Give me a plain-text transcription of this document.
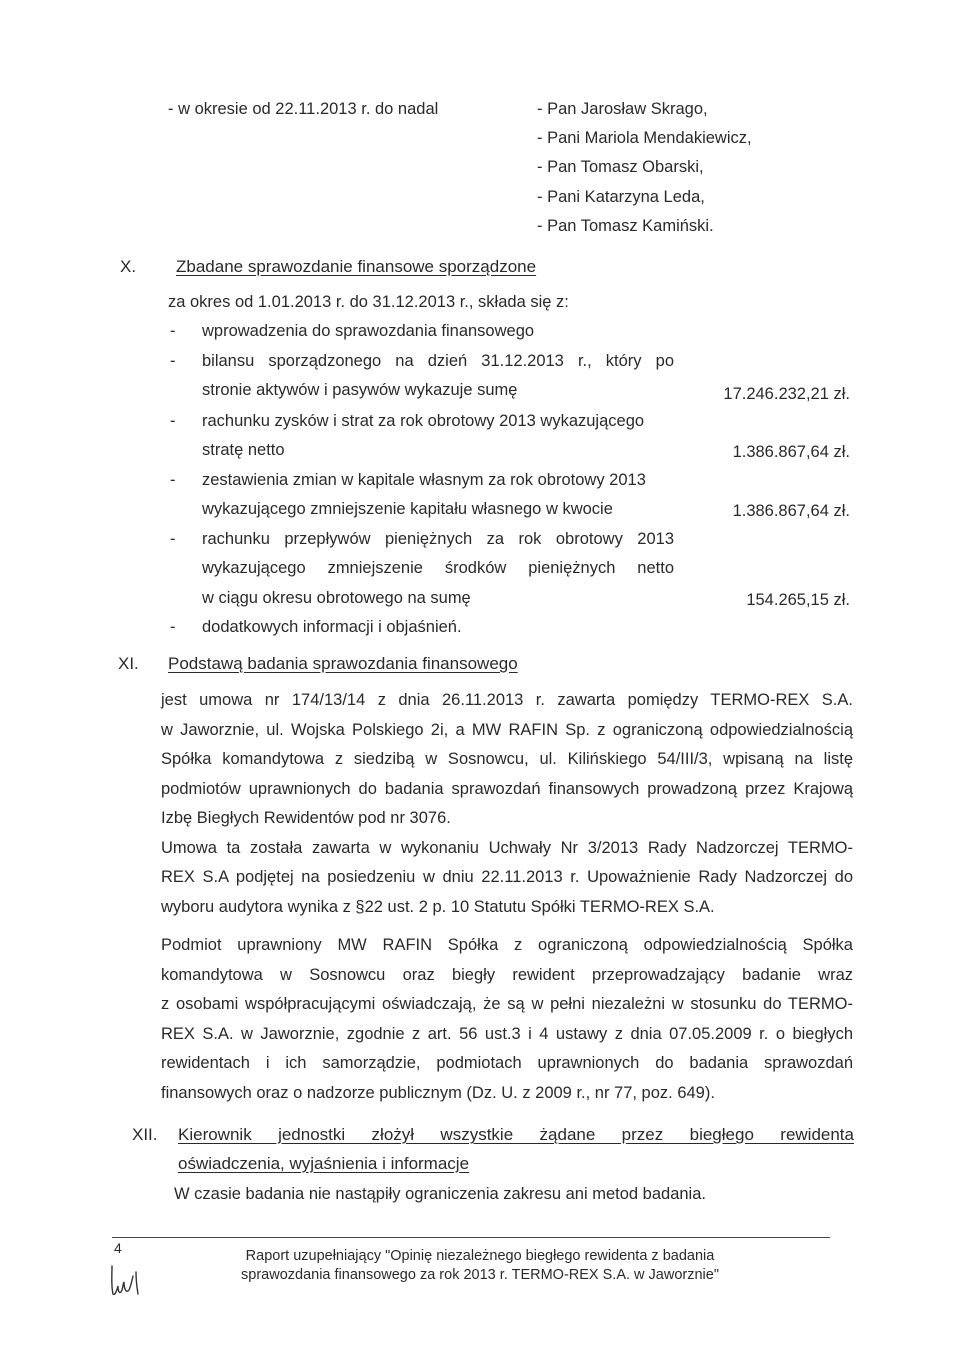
- w okresie od 22.11.2013 r. do nadal	- Pan Jarosław Skrago,
- Pani Mariola Mendakiewicz,
- Pan Tomasz Obarski,
- Pani Katarzyna Leda,
- Pan Tomasz Kamiński.
X. Zbadane sprawozdanie finansowe sporządzone
za okres od 1.01.2013 r. do 31.12.2013 r., składa się z:
- wprowadzenia do sprawozdania finansowego
- bilansu sporządzonego na dzień 31.12.2013 r., który po
stronie aktywów i pasywów wykazuje sumę	17.246.232,21 zł.
- rachunku zysków i strat za rok obrotowy 2013 wykazującego
stratę netto	1.386.867,64 zł.
- zestawienia zmian w kapitale własnym za rok obrotowy 2013
wykazującego zmniejszenie kapitału własnego w kwocie	1.386.867,64 zł.
- rachunku przepływów pieniężnych za rok obrotowy 2013
wykazującego zmniejszenie środków pieniężnych netto
w ciągu okresu obrotowego na sumę	154.265,15 zł.
- dodatkowych informacji i objaśnień.
XI. Podstawą badania sprawozdania finansowego
jest umowa nr 174/13/14 z dnia 26.11.2013 r. zawarta pomiędzy TERMO-REX S.A.
w Jaworznie, ul. Wojska Polskiego 2i, a MW RAFIN Sp. z ograniczoną odpowiedzialnością
Spółka komandytowa z siedzibą w Sosnowcu, ul. Kilińskiego 54/III/3, wpisaną na listę
podmiotów uprawnionych do badania sprawozdań finansowych prowadzoną przez Krajową
Izbę Biegłych Rewidentów pod nr 3076.
Umowa ta została zawarta w wykonaniu Uchwały Nr 3/2013 Rady Nadzorczej TERMO-
REX S.A podjętej na posiedzeniu w dniu 22.11.2013 r. Upoważnienie Rady Nadzorczej do
wyboru audytora wynika z §22 ust. 2 p. 10 Statutu Spółki TERMO-REX S.A.
Podmiot uprawniony MW RAFIN Spółka z ograniczoną odpowiedzialnością Spółka
komandytowa w Sosnowcu oraz biegły rewident przeprowadzający badanie wraz
z osobami współpracującymi oświadczają, że są w pełni niezależni w stosunku do TERMO-
REX S.A. w Jaworznie, zgodnie z art. 56 ust.3 i 4 ustawy z dnia 07.05.2009 r. o biegłych
rewidentach i ich samorządzie, podmiotach uprawnionych do badania sprawozdań
finansowych oraz o nadzorze publicznym (Dz. U. z 2009 r., nr 77, poz. 649).
XII. Kierownik jednostki złożył wszystkie żądane przez biegłego rewidenta
oświadczenia, wyjaśnienia i informacje
W czasie badania nie nastąpiły ograniczenia zakresu ani metod badania.
4	Raport uzupełniający "Opinię niezależnego biegłego rewidenta z badania
sprawozdania finansowego za rok 2013 r. TERMO-REX S.A. w Jaworznie"
